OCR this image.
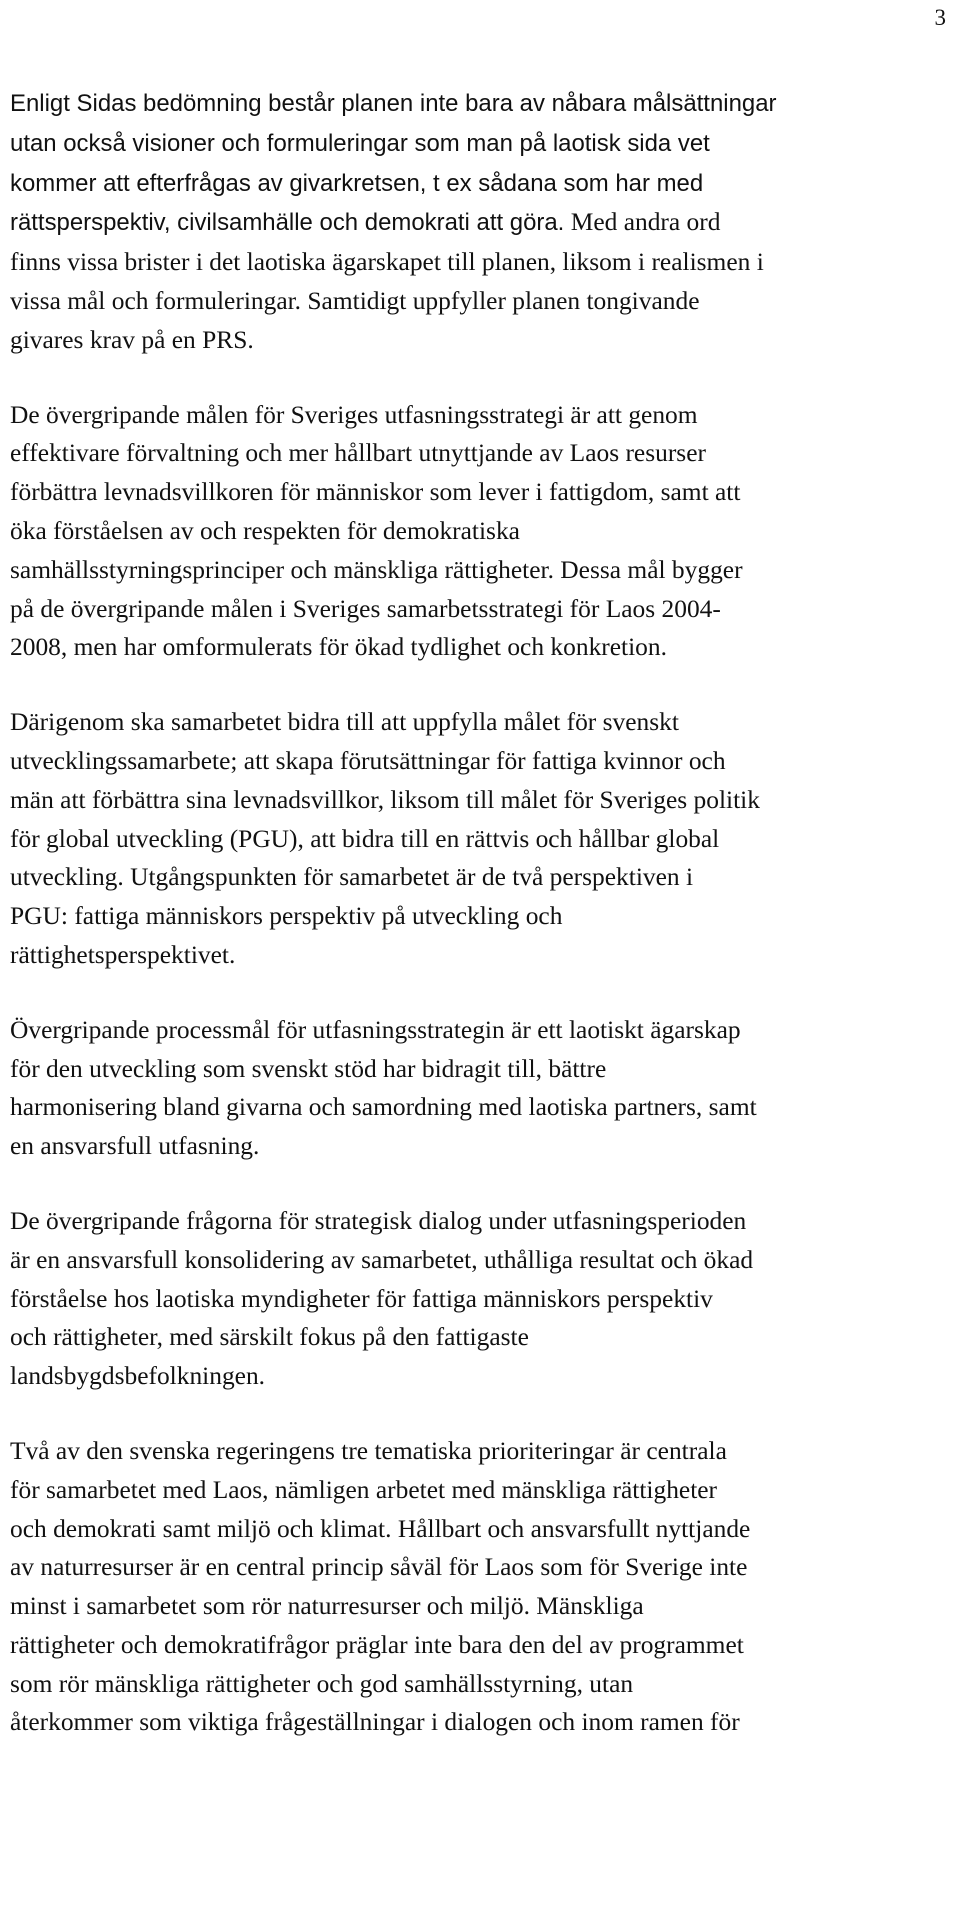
3

Enligt Sidas bedömning består planen inte bara av nåbara målsättningar
utan också visioner och formuleringar som man på laotisk sida vet
kommer att efterfrågas av givarkretsen, t ex sådana som har med
rättsperspektiv, civilsamhälle och demokrati att göra. Med andra ord
finns vissa brister i det laotiska ägarskapet till planen, liksom i realismen i
vissa mål och formuleringar. Samtidigt uppfyller planen tongivande
givares krav på en PRS.

De övergripande målen för Sveriges utfasningsstrategi är att genom
effektivare förvaltning och mer hållbart utnyttjande av Laos resurser
förbättra levnadsvillkoren för människor som lever i fattigdom, samt att
öka förståelsen av och respekten för demokratiska
samhällsstyrningsprinciper och mänskliga rättigheter. Dessa mål bygger
på de övergripande målen i Sveriges samarbetsstrategi för Laos 2004-
2008, men har omformulerats för ökad tydlighet och konkretion.

Därigenom ska samarbetet bidra till att uppfylla målet för svenskt
utvecklingssamarbete; att skapa förutsättningar för fattiga kvinnor och
män att förbättra sina levnadsvillkor, liksom till målet för Sveriges politik
för global utveckling (PGU), att bidra till en rättvis och hållbar global
utveckling. Utgångspunkten för samarbetet är de två perspektiven i
PGU: fattiga människors perspektiv på utveckling och
rättighetsperspektivet.

Övergripande processmål för utfasningsstrategin är ett laotiskt ägarskap
för den utveckling som svenskt stöd har bidragit till, bättre
harmonisering bland givarna och samordning med laotiska partners, samt
en ansvarsfull utfasning.

De övergripande frågorna för strategisk dialog under utfasningsperioden
är en ansvarsfull konsolidering av samarbetet, uthålliga resultat och ökad
förståelse hos laotiska myndigheter för fattiga människors perspektiv
och rättigheter, med särskilt fokus på den fattigaste
landsbygdsbefolkningen.

Två av den svenska regeringens tre tematiska prioriteringar är centrala
för samarbetet med Laos, nämligen arbetet med mänskliga rättigheter
och demokrati samt miljö och klimat. Hållbart och ansvarsfullt nyttjande
av naturresurser är en central princip såväl för Laos som för Sverige inte
minst i samarbetet som rör naturresurser och miljö. Mänskliga
rättigheter och demokratifrågor präglar inte bara den del av programmet
som rör mänskliga rättigheter och god samhällsstyrning, utan
återkommer som viktiga frågeställningar i dialogen och inom ramen för
